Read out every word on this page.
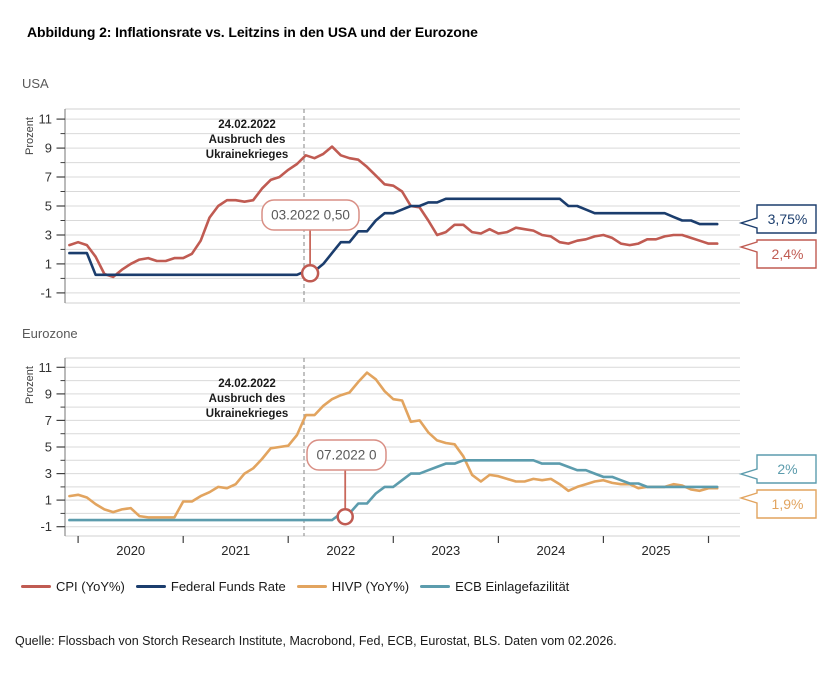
Abbildung 2: Inflationsrate vs. Leitzins in den USA und der Eurozone
USA
-1
1
3
5
7
9
11
Prozent	24.02.2022
Ausbruch des
Ukrainekrieges
03.2022 0,50	3,75%
2,4%
Eurozone
-1
1
3
5
7
9
11
Prozent
2020	2021	2022	2023	2024	2025
24.02.2022
Ausbruch des
Ukrainekrieges
07.2022 0
2%
1,9%
CPI (YoY%)	Federal Funds Rate	HIVP (YoY%)	ECB Einlagefazilität
Quelle: Flossbach von Storch Research Institute, Macrobond, Fed, ECB, Eurostat, BLS. Daten vom 02.2026.
